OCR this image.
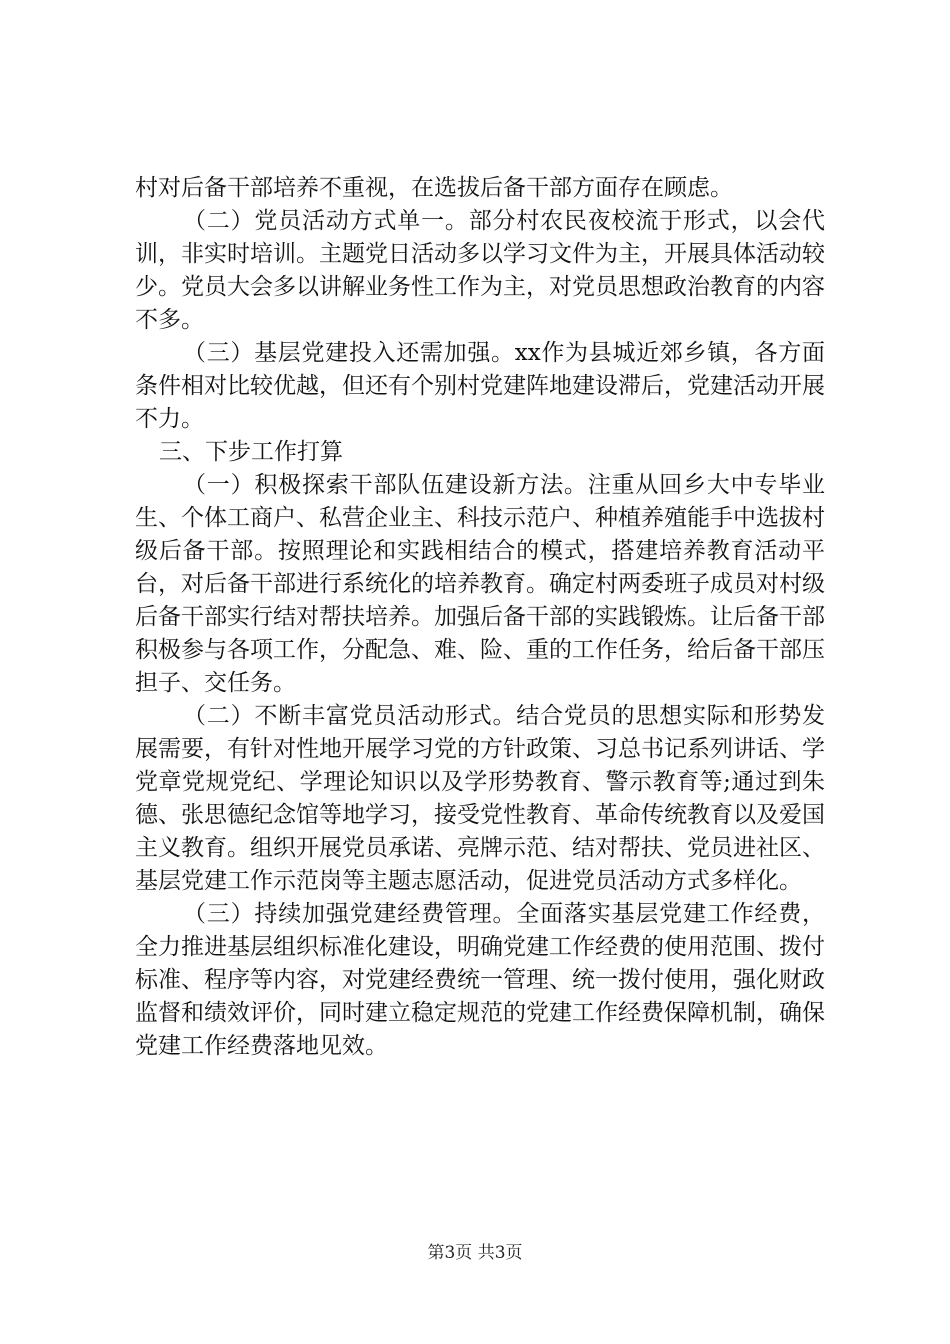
村对后备干部培养不重视，在选拔后备干部方面存在顾虑。

（二）党员活动方式单一。部分村农民夜校流于形式，以会代训，非实时培训。主题党日活动多以学习文件为主，开展具体活动较少。党员大会多以讲解业务性工作为主，对党员思想政治教育的内容不多。

（三）基层党建投入还需加强。xx作为县城近郊乡镇，各方面条件相对比较优越，但还有个别村党建阵地建设滞后，党建活动开展不力。

三、下步工作打算

（一）积极探索干部队伍建设新方法。注重从回乡大中专毕业生、个体工商户、私营企业主、科技示范户、种植养殖能手中选拔村级后备干部。按照理论和实践相结合的模式，搭建培养教育活动平台，对后备干部进行系统化的培养教育。确定村两委班子成员对村级后备干部实行结对帮扶培养。加强后备干部的实践锻炼。让后备干部积极参与各项工作，分配急、难、险、重的工作任务，给后备干部压担子、交任务。

（二）不断丰富党员活动形式。结合党员的思想实际和形势发展需要，有针对性地开展学习党的方针政策、习总书记系列讲话、学党章党规党纪、学理论知识以及学形势教育、警示教育等;通过到朱德、张思德纪念馆等地学习，接受党性教育、革命传统教育以及爱国主义教育。组织开展党员承诺、亮牌示范、结对帮扶、党员进社区、基层党建工作示范岗等主题志愿活动，促进党员活动方式多样化。

（三）持续加强党建经费管理。全面落实基层党建工作经费，全力推进基层组织标准化建设，明确党建工作经费的使用范围、拨付标准、程序等内容，对党建经费统一管理、统一拨付使用，强化财政监督和绩效评价，同时建立稳定规范的党建工作经费保障机制，确保党建工作经费落地见效。

第3页 共3页
